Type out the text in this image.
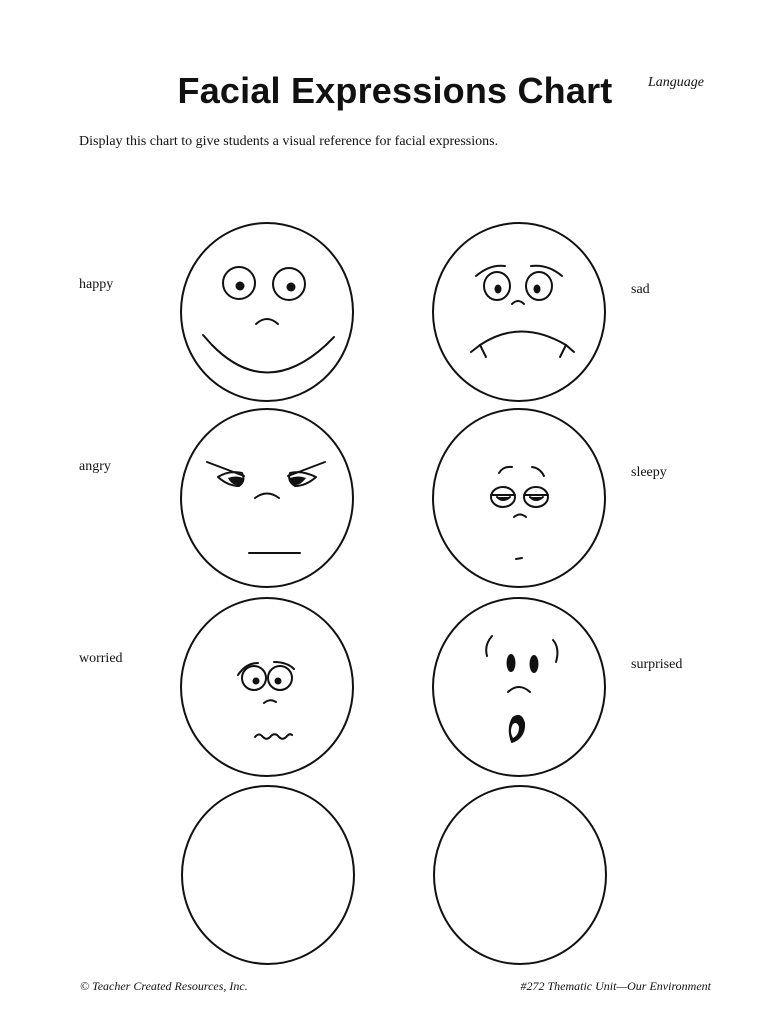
Facial Expressions Chart	Language
Display this chart to give students a visual reference for facial expressions.
happy	sad
angry	sleepy
worried	surprised
© Teacher Created Resources, Inc.	#272 Thematic Unit—Our Environment
